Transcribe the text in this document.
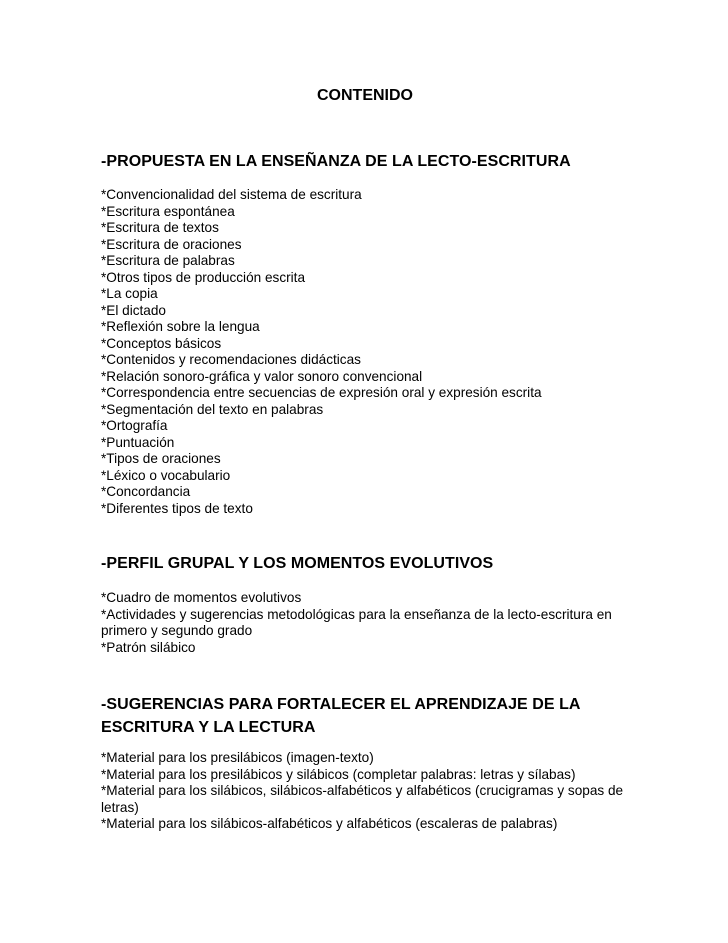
CONTENIDO
-PROPUESTA EN LA ENSEÑANZA DE LA LECTO-ESCRITURA
*Convencionalidad del sistema de escritura
*Escritura espontánea
*Escritura de textos
*Escritura de oraciones
*Escritura de palabras
*Otros tipos de producción escrita
*La copia
*El dictado
*Reflexión sobre la lengua
*Conceptos básicos
*Contenidos y recomendaciones didácticas
*Relación sonoro-gráfica y valor sonoro convencional
*Correspondencia entre secuencias de expresión oral y expresión escrita
*Segmentación del texto en palabras
*Ortografía
*Puntuación
*Tipos de oraciones
*Léxico o vocabulario
*Concordancia
*Diferentes tipos de texto
-PERFIL GRUPAL Y LOS MOMENTOS EVOLUTIVOS
*Cuadro de momentos evolutivos
*Actividades y sugerencias metodológicas para la enseñanza de la lecto-escritura en primero y segundo grado
*Patrón silábico
-SUGERENCIAS PARA FORTALECER EL APRENDIZAJE DE LA ESCRITURA Y LA LECTURA
*Material para los presilábicos (imagen-texto)
*Material para los presilábicos y silábicos (completar palabras: letras y sílabas)
*Material para los silábicos, silábicos-alfabéticos y alfabéticos (crucigramas y sopas de letras)
*Material para los silábicos-alfabéticos y alfabéticos (escaleras de palabras)
